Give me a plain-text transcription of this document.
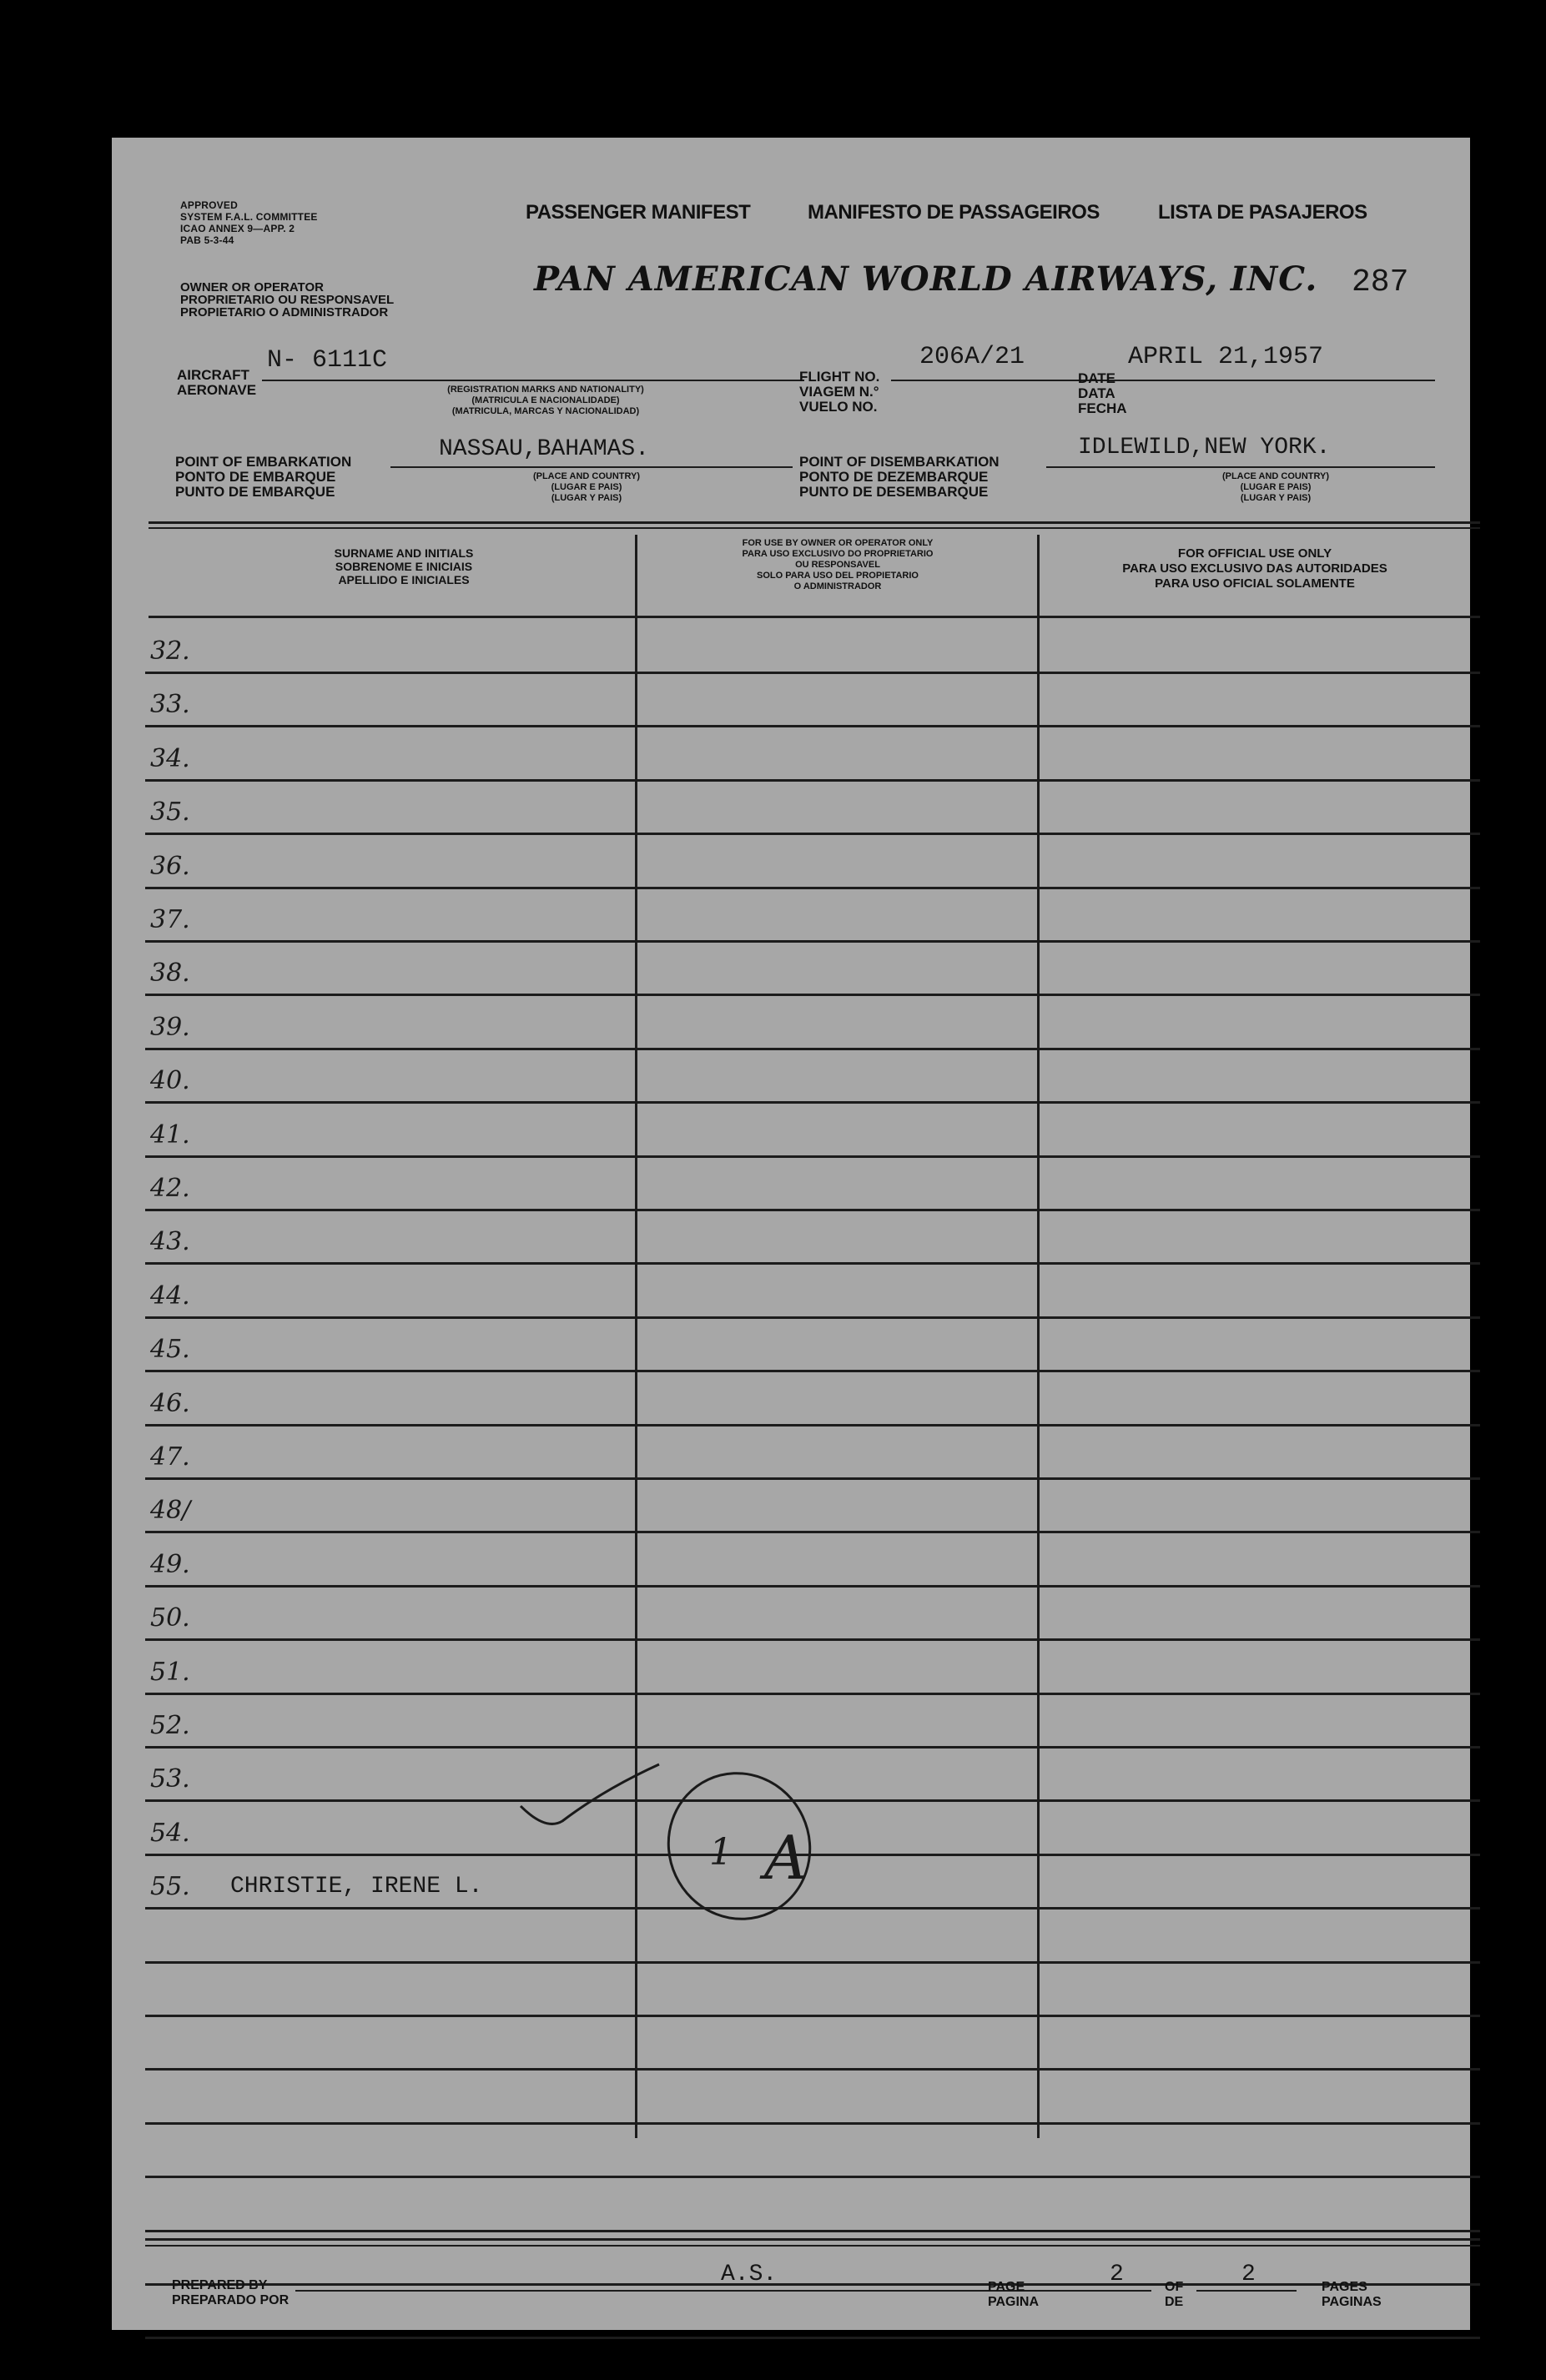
APPROVED
SYSTEM F.A.L. COMMITTEE
ICAO ANNEX 9—APP. 2
PAB 5-3-44
PASSENGER MANIFEST	MANIFESTO DE PASSAGEIROS	LISTA DE PASAJEROS
OWNER OR OPERATOR
PROPRIETARIO OU RESPONSAVEL
PROPIETARIO O ADMINISTRADOR
PAN AMERICAN WORLD AIRWAYS, INC. 287
AIRCRAFT
AERONAVE
N- 6111C
(REGISTRATION MARKS AND NATIONALITY)
(MATRICULA E NACIONALIDADE)
(MATRICULA, MARCAS Y NACIONALIDAD)
FLIGHT NO.
VIAGEM N.°
VUELO NO.
206A/21
DATE
DATA
FECHA
APRIL 21,1957
POINT OF EMBARKATION
PONTO DE EMBARQUE
PUNTO DE EMBARQUE
NASSAU,BAHAMAS.
(PLACE AND COUNTRY)
(LUGAR E PAIS)
(LUGAR Y PAIS)
POINT OF DISEMBARKATION
PONTO DE DEZEMBARQUE
PUNTO DE DESEMBARQUE
IDLEWILD,NEW YORK.
(PLACE AND COUNTRY)
(LUGAR E PAIS)
(LUGAR Y PAIS)
SURNAME AND INITIALS
SOBRENOME E INICIAIS
APELLIDO E INICIALES
FOR USE BY OWNER OR OPERATOR ONLY
PARA USO EXCLUSIVO DO PROPRIETARIO
OU RESPONSAVEL
SOLO PARA USO DEL PROPIETARIO
O ADMINISTRADOR
FOR OFFICIAL USE ONLY
PARA USO EXCLUSIVO DAS AUTORIDADES
PARA USO OFICIAL SOLAMENTE
32.
33.
34.
35.
36.
37.
38.
39.
40.
41.
42.
43.
44.
45.
46.
47.
48/
49.
50.
51.
52.
53.
54.
55.	CHRISTIE, IRENE L.
1 A
PREPARED BY
PREPARADO POR
A.S.	PAGE
PAGINA
2	OF
DE
2	PAGES
PAGINAS
